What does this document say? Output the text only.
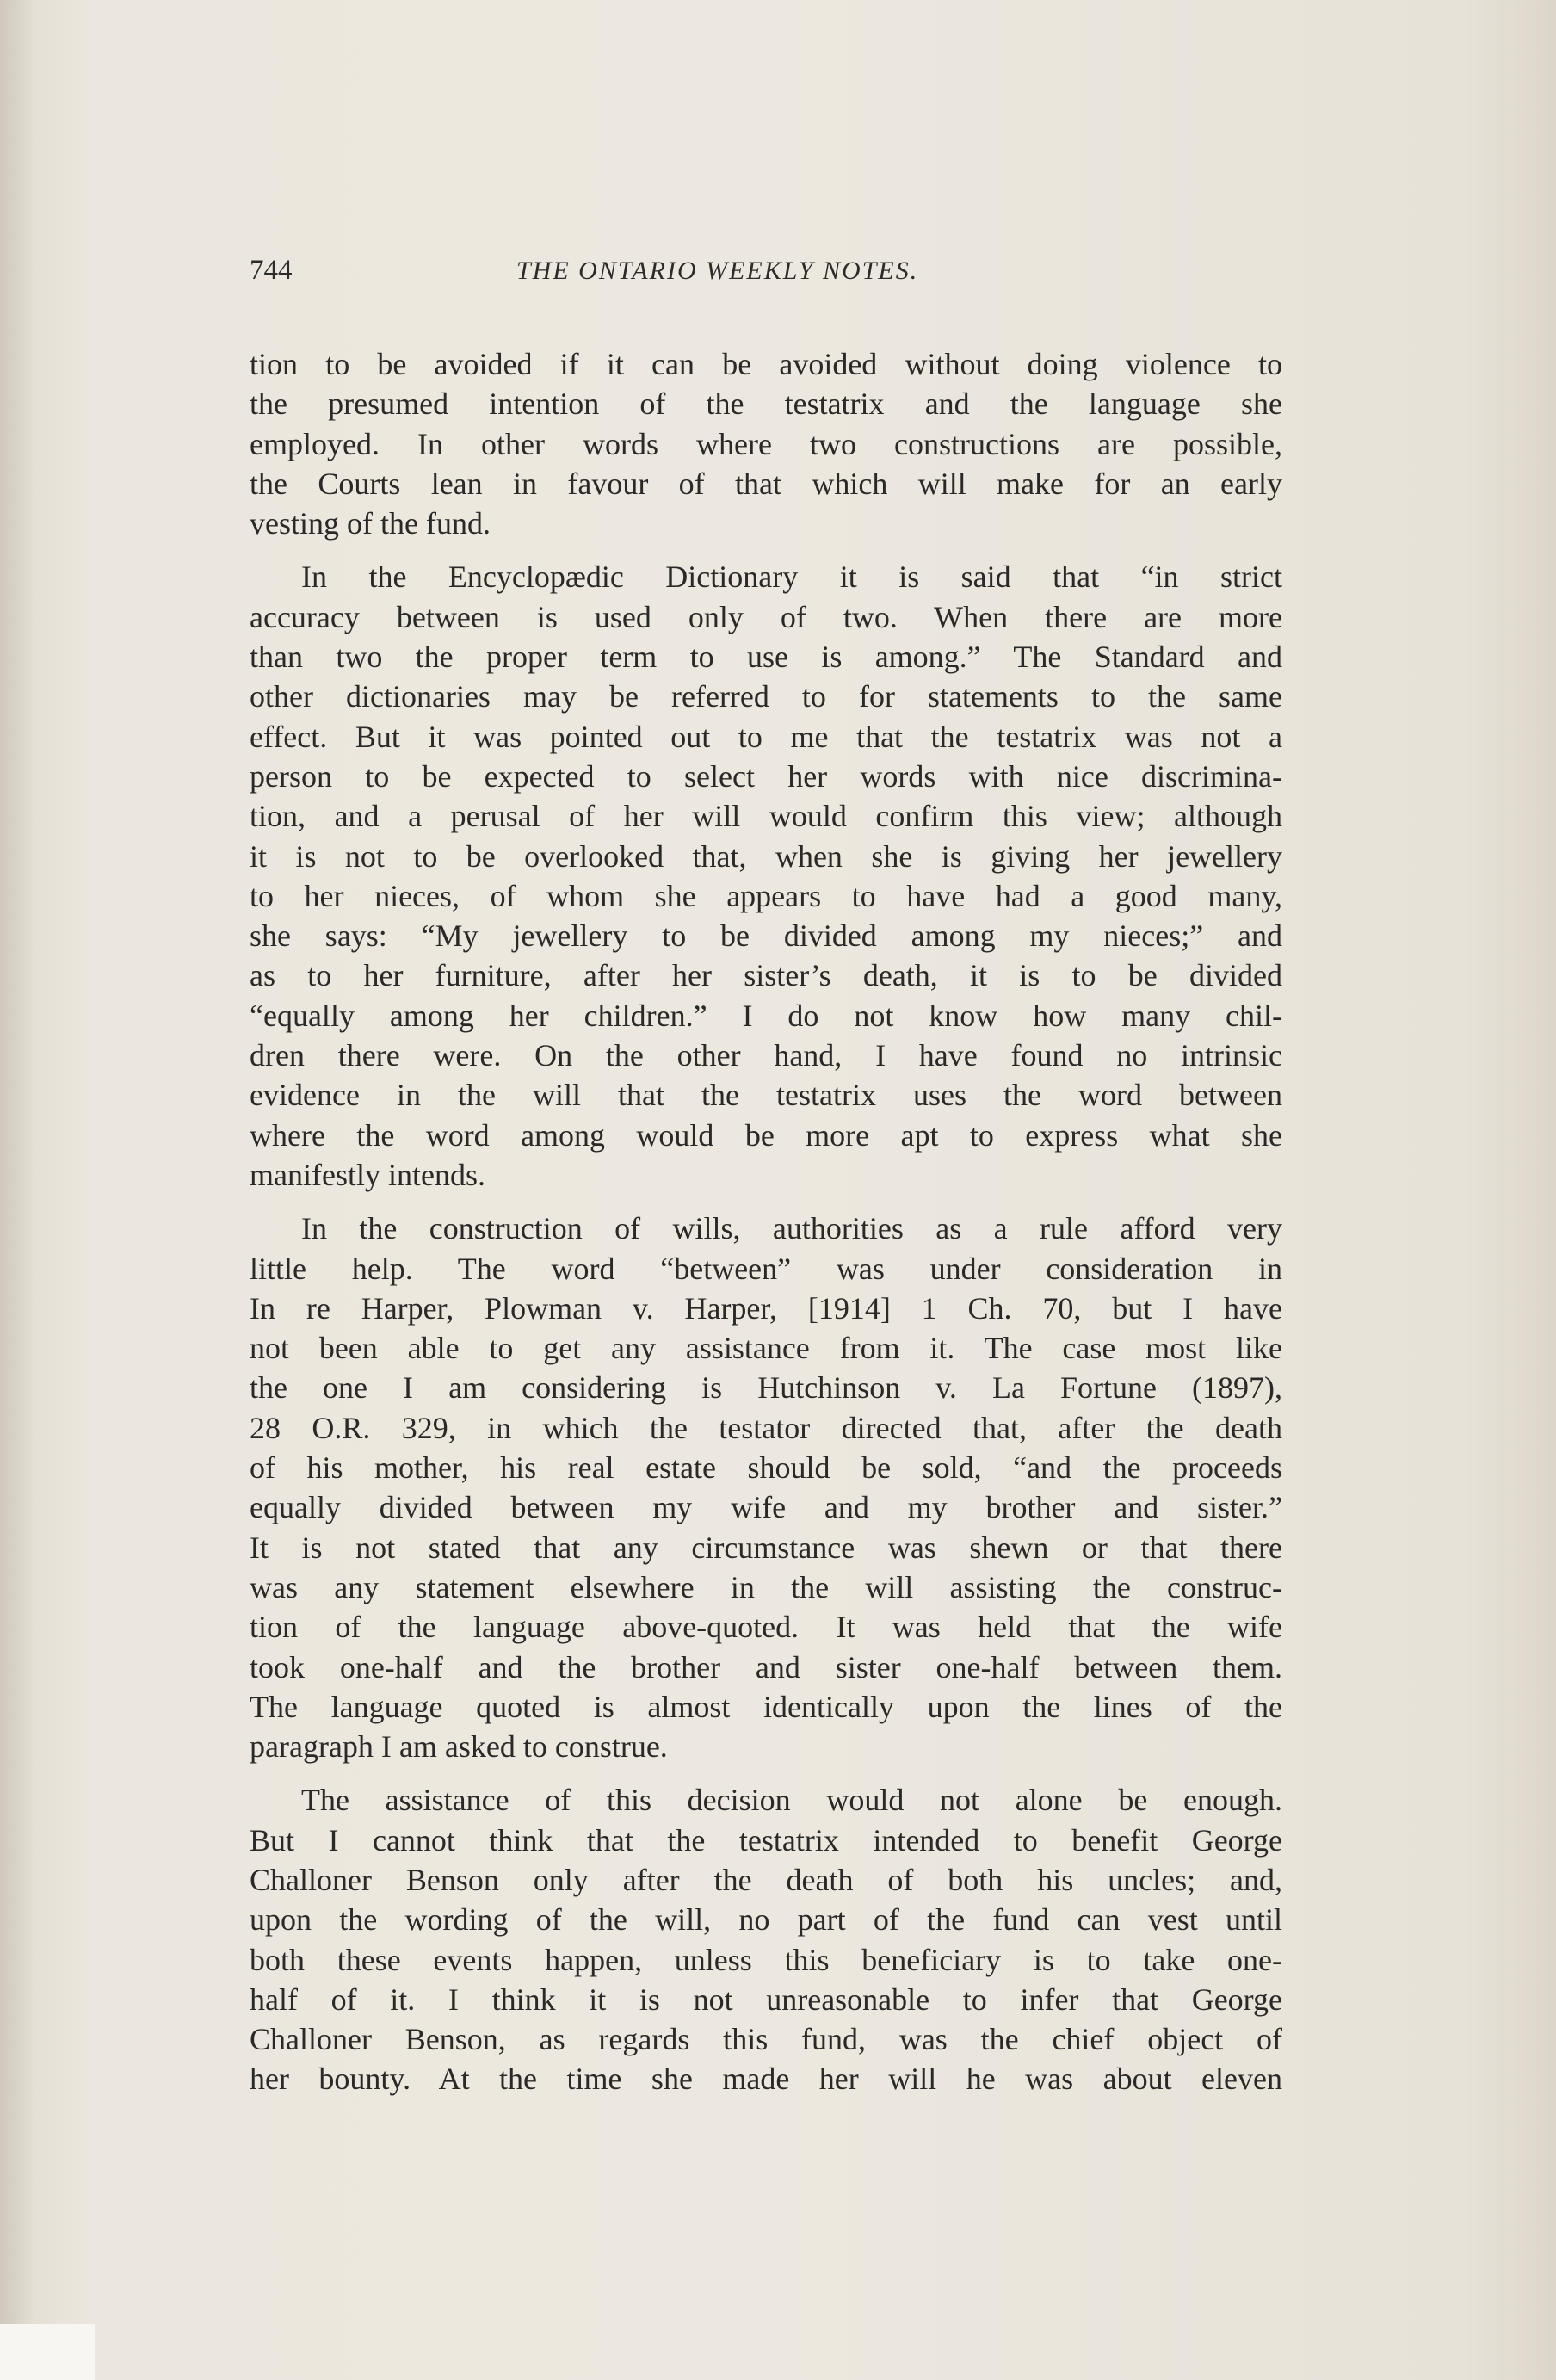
744	THE ONTARIO WEEKLY NOTES.

tion to be avoided if it can be avoided without doing violence to
the presumed intention of the testatrix and the language she
employed. In other words where two constructions are possible,
the Courts lean in favour of that which will make for an early
vesting of the fund.

In the Encyclopædic Dictionary it is said that “in strict
accuracy between is used only of two. When there are more
than two the proper term to use is among.” The Standard and
other dictionaries may be referred to for statements to the same
effect. But it was pointed out to me that the testatrix was not a
person to be expected to select her words with nice discrimina-
tion, and a perusal of her will would confirm this view; although
it is not to be overlooked that, when she is giving her jewellery
to her nieces, of whom she appears to have had a good many,
she says: “My jewellery to be divided among my nieces;” and
as to her furniture, after her sister’s death, it is to be divided
“equally among her children.” I do not know how many chil-
dren there were. On the other hand, I have found no intrinsic
evidence in the will that the testatrix uses the word between
where the word among would be more apt to express what she
manifestly intends.

In the construction of wills, authorities as a rule afford very
little help. The word “between” was under consideration in
In re Harper, Plowman v. Harper, [1914] 1 Ch. 70, but I have
not been able to get any assistance from it. The case most like
the one I am considering is Hutchinson v. La Fortune (1897),
28 O.R. 329, in which the testator directed that, after the death
of his mother, his real estate should be sold, “and the proceeds
equally divided between my wife and my brother and sister.”
It is not stated that any circumstance was shewn or that there
was any statement elsewhere in the will assisting the construc-
tion of the language above-quoted. It was held that the wife
took one-half and the brother and sister one-half between them.
The language quoted is almost identically upon the lines of the
paragraph I am asked to construe.

The assistance of this decision would not alone be enough.
But I cannot think that the testatrix intended to benefit George
Challoner Benson only after the death of both his uncles; and,
upon the wording of the will, no part of the fund can vest until
both these events happen, unless this beneficiary is to take one-
half of it. I think it is not unreasonable to infer that George
Challoner Benson, as regards this fund, was the chief object of
her bounty. At the time she made her will he was about eleven
